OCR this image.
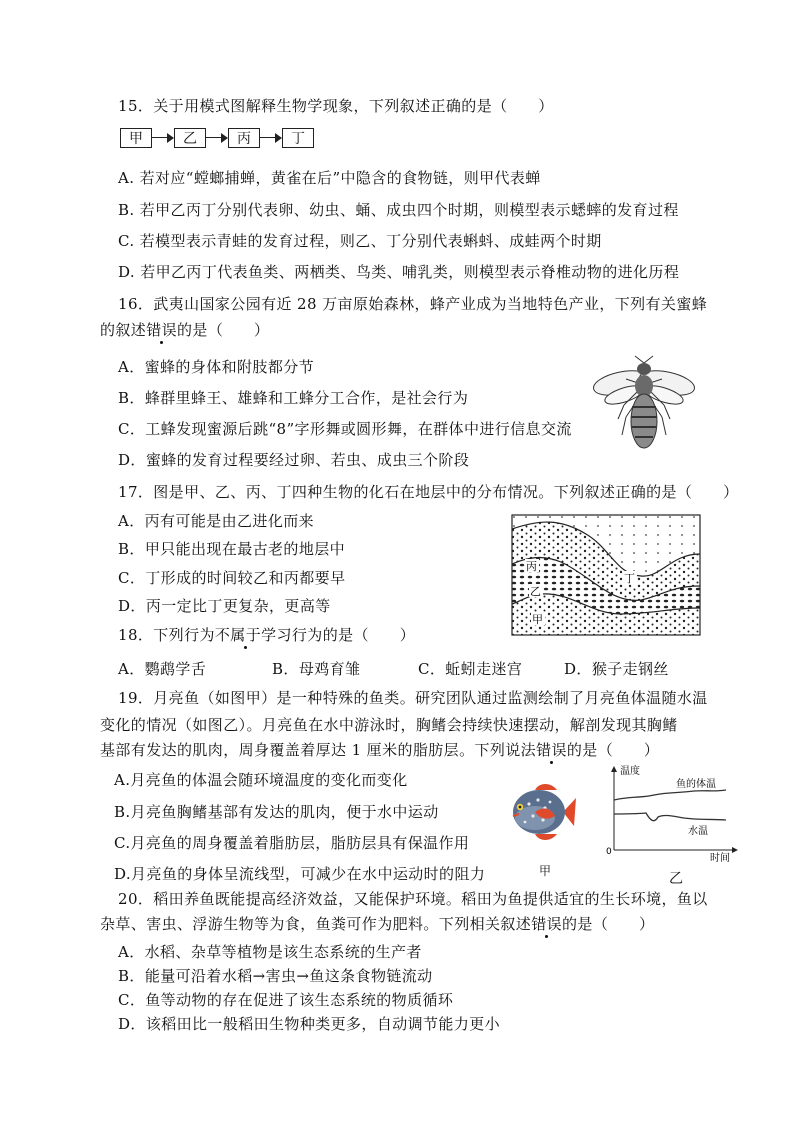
15．关于用模式图解释生物学现象，下列叙述正确的是（　　）
甲	乙	丙	丁
A. 若对应“螳螂捕蝉，黄雀在后”中隐含的食物链，则甲代表蝉
B. 若甲乙丙丁分别代表卵、幼虫、蛹、成虫四个时期，则模型表示蟋蟀的发育过程
C. 若模型表示青蛙的发育过程，则乙、丁分别代表蝌蚪、成蛙两个时期
D. 若甲乙丙丁代表鱼类、两栖类、鸟类、哺乳类，则模型表示脊椎动物的进化历程
16．武夷山国家公园有近 28 万亩原始森林，蜂产业成为当地特色产业，下列有关蜜蜂
的叙述错误的是（　　）
A．蜜蜂的身体和附肢都分节
B．蜂群里蜂王、雄蜂和工蜂分工合作，是社会行为
C．工蜂发现蜜源后跳“8”字形舞或圆形舞，在群体中进行信息交流
D．蜜蜂的发育过程要经过卵、若虫、成虫三个阶段
17．图是甲、乙、丙、丁四种生物的化石在地层中的分布情况。下列叙述正确的是（　　）
A．丙有可能是由乙进化而来
B．甲只能出现在最古老的地层中
C．丁形成的时间较乙和丙都要早
D．丙一定比丁更复杂，更高等
丙
丁
乙
甲
18．下列行为不属于学习行为的是（　　）
A．鹦鹉学舌	B．母鸡育雏	C．蚯蚓走迷宫	D．猴子走钢丝
19．月亮鱼（如图甲）是一种特殊的鱼类。研究团队通过监测绘制了月亮鱼体温随水温
变化的情况（如图乙）。月亮鱼在水中游泳时，胸鳍会持续快速摆动，解剖发现其胸鳍
基部有发达的肌肉，周身覆盖着厚达 1 厘米的脂肪层。下列说法错误的是（　　）
A.月亮鱼的体温会随环境温度的变化而变化
B.月亮鱼胸鳍基部有发达的肌肉，便于水中运动
C.月亮鱼的周身覆盖着脂肪层，脂肪层具有保温作用
D.月亮鱼的身体呈流线型，可减少在水中运动时的阻力	甲
温度
鱼的体温
水温
0
时间
乙
20．稻田养鱼既能提高经济效益，又能保护环境。稻田为鱼提供适宜的生长环境，鱼以
杂草、害虫、浮游生物等为食，鱼粪可作为肥料。下列相关叙述错误的是（　　）
A．水稻、杂草等植物是该生态系统的生产者
B．能量可沿着水稻→害虫→鱼这条食物链流动
C．鱼等动物的存在促进了该生态系统的物质循环
D．该稻田比一般稻田生物种类更多，自动调节能力更小
